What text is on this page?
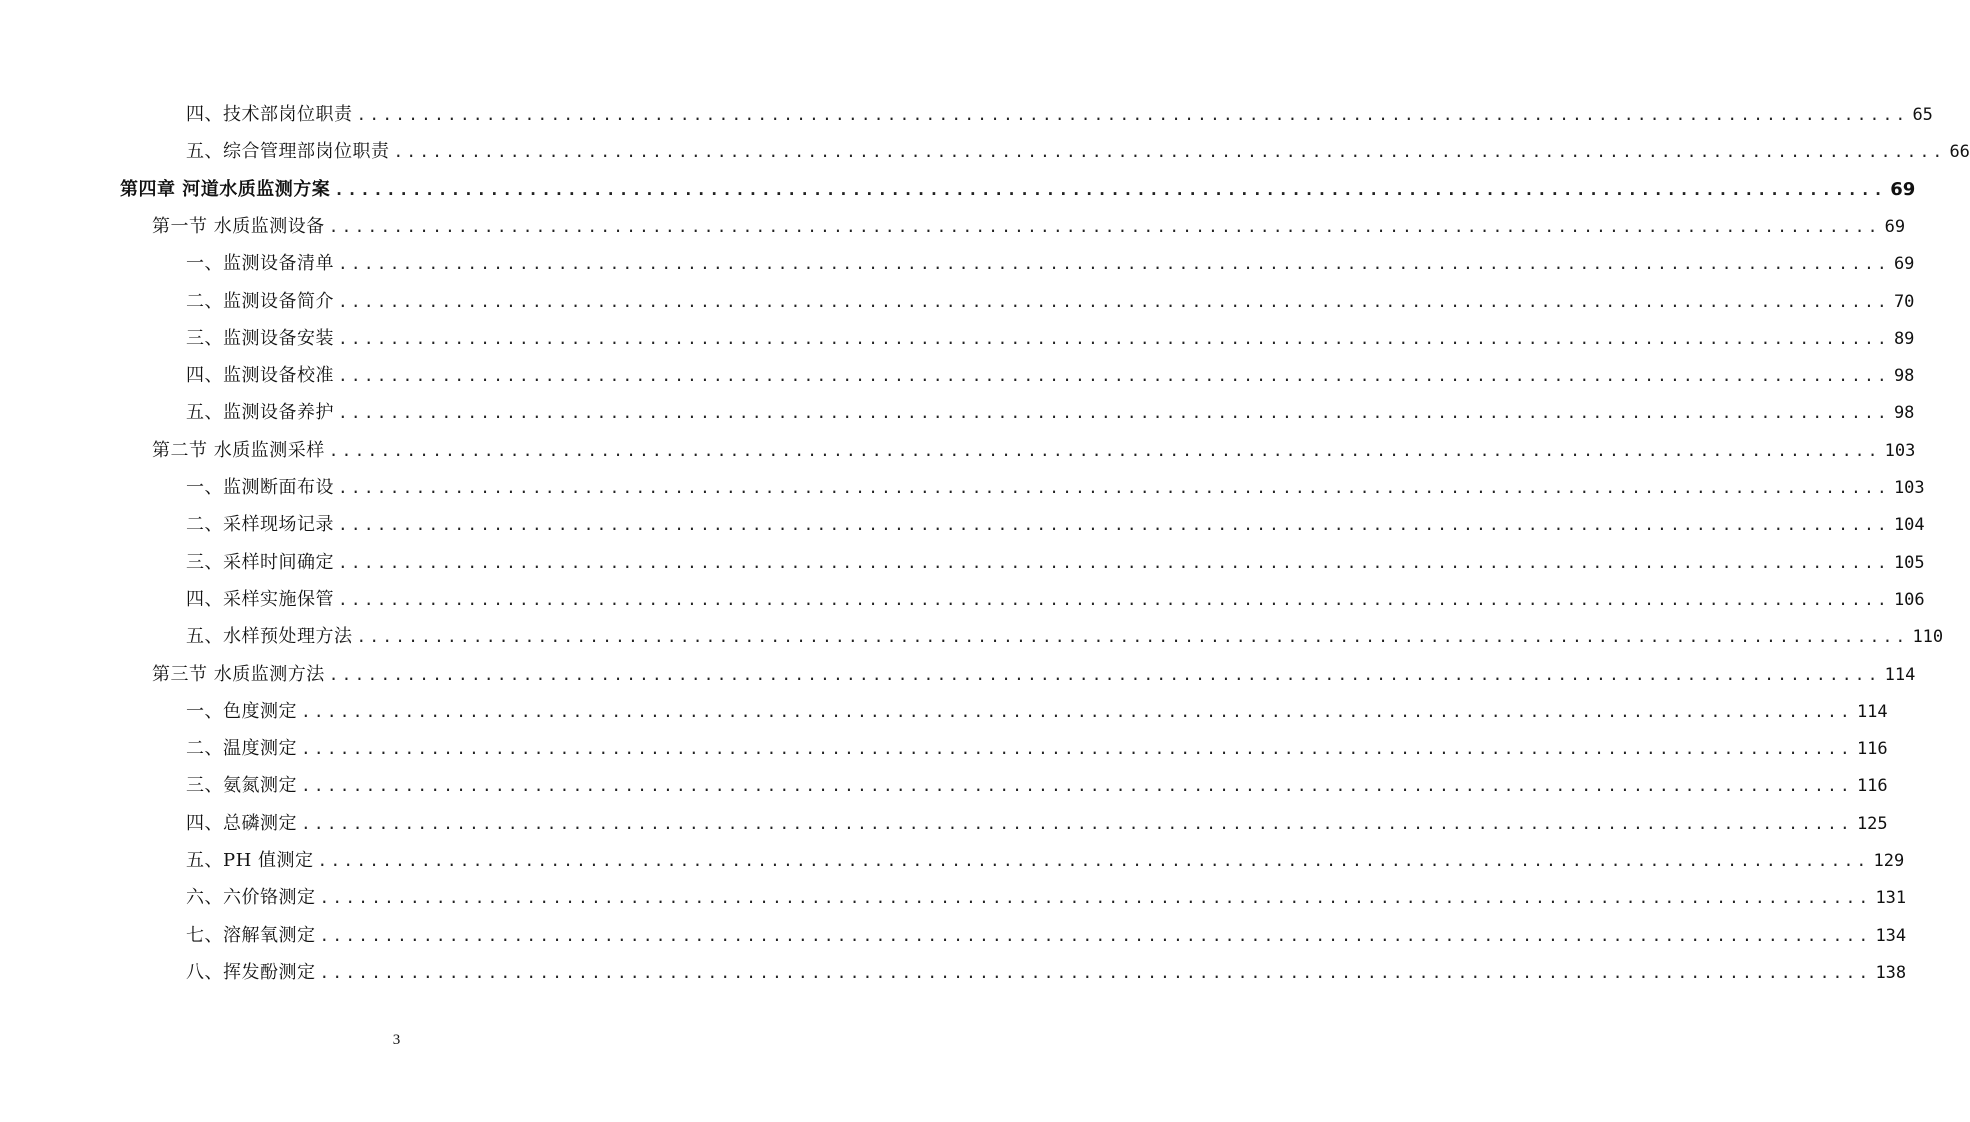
四、技术部岗位职责 ........................................................................................................................ 65
五、综合管理部岗位职责 ........................................................................................................................ 66
第四章 河道水质监测方案 ........................................................................................................................ 69
第一节 水质监测设备 ........................................................................................................................ 69
一、监测设备清单 ........................................................................................................................ 69
二、监测设备简介 ........................................................................................................................ 70
三、监测设备安装 ........................................................................................................................ 89
四、监测设备校准 ........................................................................................................................ 98
五、监测设备养护 ........................................................................................................................ 98
第二节 水质监测采样 ........................................................................................................................ 103
一、监测断面布设 ........................................................................................................................ 103
二、采样现场记录 ........................................................................................................................ 104
三、采样时间确定 ........................................................................................................................ 105
四、采样实施保管 ........................................................................................................................ 106
五、水样预处理方法 ........................................................................................................................ 110
第三节 水质监测方法 ........................................................................................................................ 114
一、色度测定 ........................................................................................................................ 114
二、温度测定 ........................................................................................................................ 116
三、氨氮测定 ........................................................................................................................ 116
四、总磷测定 ........................................................................................................................ 125
五、PH 值测定 ........................................................................................................................ 129
六、六价铬测定 ........................................................................................................................ 131
七、溶解氧测定 ........................................................................................................................ 134
八、挥发酚测定 ........................................................................................................................ 138
3
